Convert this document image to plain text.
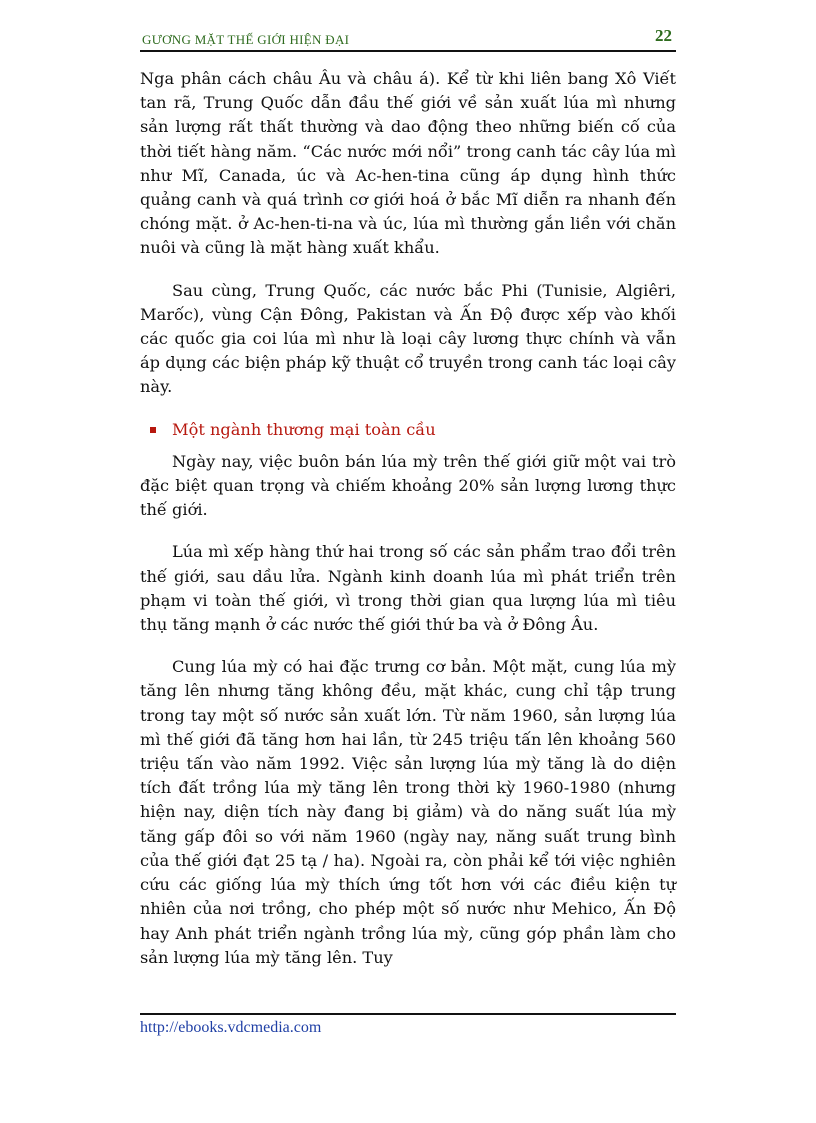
GƯƠNG MẶT THẾ GIỚI HIỆN ĐẠI	22

Nga phân cách châu Âu và châu á). Kể từ khi liên bang Xô Viết tan rã, Trung Quốc dẫn đầu thế giới về sản xuất lúa mì nhưng sản lượng rất thất thường và dao động theo những biến cố của thời tiết hàng năm. “Các nước mới nổi” trong canh tác cây lúa mì như Mĩ, Canada, úc và Ac-hen-tina cũng áp dụng hình thức quảng canh và quá trình cơ giới hoá ở bắc Mĩ diễn ra nhanh đến chóng mặt. ở Ac-hen-ti-na và úc, lúa mì thường gắn liền với chăn nuôi và cũng là mặt hàng xuất khẩu.

Sau cùng, Trung Quốc, các nước bắc Phi (Tunisie, Algiêri, Marốc), vùng Cận Đông, Pakistan và Ấn Độ được xếp vào khối các quốc gia coi lúa mì như là loại cây lương thực chính và vẫn áp dụng các biện pháp kỹ thuật cổ truyền trong canh tác loại cây này.

Một ngành thương mại toàn cầu

Ngày nay, việc buôn bán lúa mỳ trên thế giới giữ một vai trò đặc biệt quan trọng và chiếm khoảng 20% sản lượng lương thực thế giới.

Lúa mì xếp hàng thứ hai trong số các sản phẩm trao đổi trên thế giới, sau dầu lửa. Ngành kinh doanh lúa mì phát triển trên phạm vi toàn thế giới, vì trong thời gian qua lượng lúa mì tiêu thụ tăng mạnh ở các nước thế giới thứ ba và ở Đông Âu.

Cung lúa mỳ có hai đặc trưng cơ bản. Một mặt, cung lúa mỳ tăng lên nhưng tăng không đều, mặt khác, cung chỉ tập trung trong tay một số nước sản xuất lớn. Từ năm 1960, sản lượng lúa mì thế giới đã tăng hơn hai lần, từ 245 triệu tấn lên khoảng 560 triệu tấn vào năm 1992. Việc sản lượng lúa mỳ tăng là do diện tích đất trồng lúa mỳ tăng lên trong thời kỳ 1960-1980 (nhưng hiện nay, diện tích này đang bị giảm) và do năng suất lúa mỳ tăng gấp đôi so với năm 1960 (ngày nay, năng suất trung bình của thế giới đạt 25 tạ / ha). Ngoài ra, còn phải kể tới việc nghiên cứu các giống lúa mỳ thích ứng tốt hơn với các điều kiện tự nhiên của nơi trồng, cho phép một số nước như Mehico, Ấn Độ hay Anh phát triển ngành trồng lúa mỳ, cũng góp phần làm cho sản lượng lúa mỳ tăng lên. Tuy

http://ebooks.vdcmedia.com
